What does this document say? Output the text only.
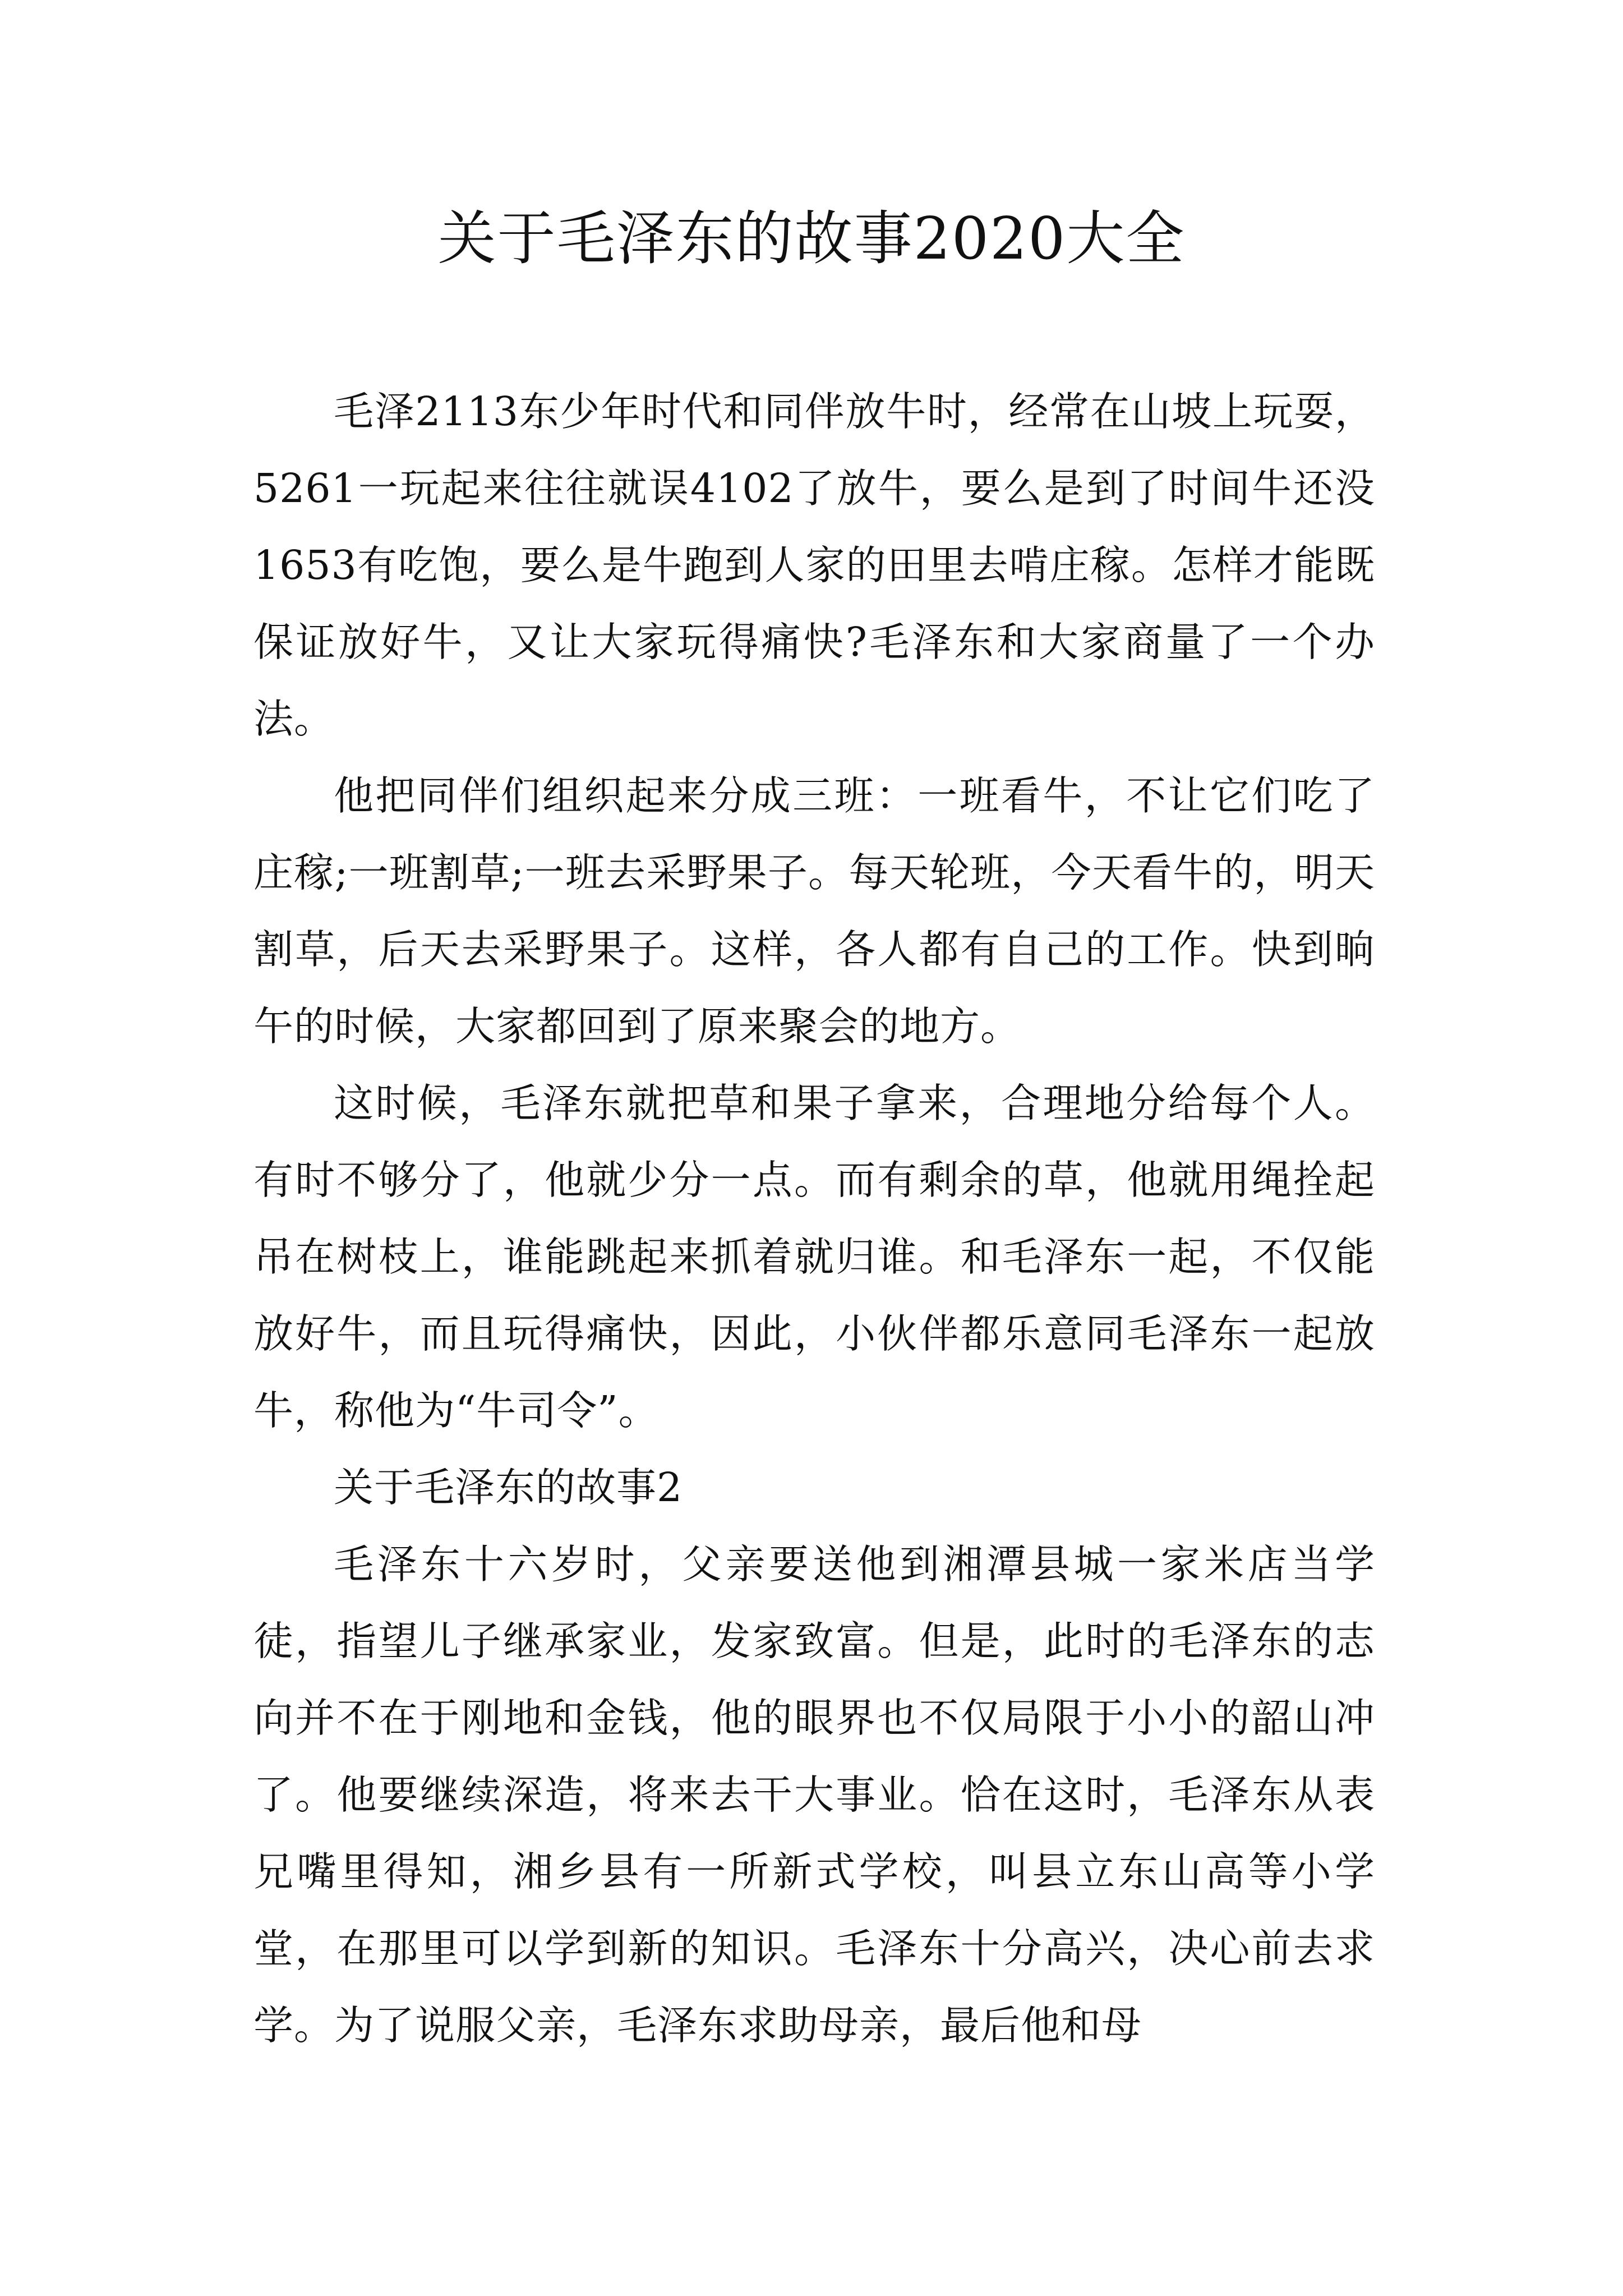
关于毛泽东的故事2020大全

毛泽2113东少年时代和同伴放牛时，经常在山坡上玩耍，5261一玩起来往往就误4102了放牛，要么是到了时间牛还没1653有吃饱，要么是牛跑到人家的田里去啃庄稼。怎样才能既保证放好牛，又让大家玩得痛快?毛泽东和大家商量了一个办法。

他把同伴们组织起来分成三班：一班看牛，不让它们吃了庄稼;一班割草;一班去采野果子。每天轮班，今天看牛的，明天割草，后天去采野果子。这样，各人都有自己的工作。快到晌午的时候，大家都回到了原来聚会的地方。

这时候，毛泽东就把草和果子拿来，合理地分给每个人。有时不够分了，他就少分一点。而有剩余的草，他就用绳拴起吊在树枝上，谁能跳起来抓着就归谁。和毛泽东一起，不仅能放好牛，而且玩得痛快，因此，小伙伴都乐意同毛泽东一起放牛，称他为“牛司令”。

关于毛泽东的故事2

毛泽东十六岁时，父亲要送他到湘潭县城一家米店当学徒，指望儿子继承家业，发家致富。但是，此时的毛泽东的志向并不在于刚地和金钱，他的眼界也不仅局限于小小的韶山冲了。他要继续深造，将来去干大事业。恰在这时，毛泽东从表兄嘴里得知，湘乡县有一所新式学校，叫县立东山高等小学堂，在那里可以学到新的知识。毛泽东十分高兴，决心前去求学。为了说服父亲，毛泽东求助母亲，最后他和母
